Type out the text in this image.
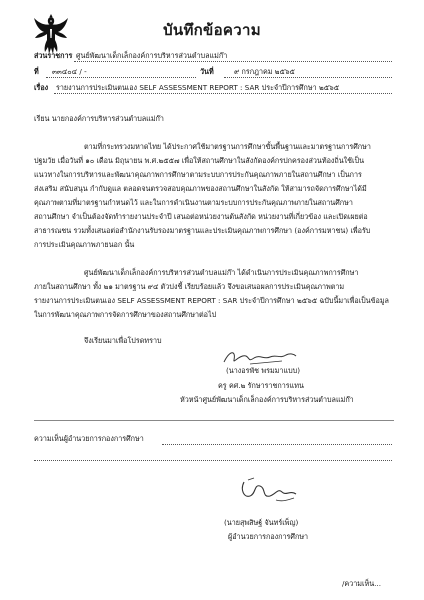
บันทึกข้อความ
ส่วนราชการ ศูนย์พัฒนาเด็กเล็กองค์การบริหารส่วนตำบลแม่ก๊า
ที่ ๓๓๔๐๔ / -	วันที่	๙ กรกฎาคม ๒๕๖๕
เรื่อง รายงานการประเมินตนเอง SELF ASSESSMENT REPORT : SAR ประจำปีการศึกษา ๒๕๖๕
เรียน นายกองค์การบริหารส่วนตำบลแม่ก๊า
ตามที่กระทรวงมหาดไทย ได้ประกาศใช้มาตรฐานการศึกษาขั้นพื้นฐานและมาตรฐานการศึกษา
ปฐมวัย เมื่อวันที่ ๑๐ เดือน มิถุนายน พ.ศ.๒๕๕๗ เพื่อให้สถานศึกษาในสังกัดองค์กรปกครองส่วนท้องถิ่นใช้เป็น
แนวทางในการบริหารและพัฒนาคุณภาพการศึกษาตามระบบการประกันคุณภาพภายในสถานศึกษา เป็นการ
ส่งเสริม สนับสนุน กำกับดูแล ตลอดจนตรวจสอบคุณภาพของสถานศึกษาในสังกัด ให้สามารถจัดการศึกษาได้มี
คุณภาพตามที่มาตรฐานกำหนดไว้ และในการดำเนินงานตามระบบการประกันคุณภาพภายในสถานศึกษา
สถานศึกษา จำเป็นต้องจัดทำรายงานประจำปี เสนอต่อหน่วยงานต้นสังกัด หน่วยงานที่เกี่ยวข้อง และเปิดเผยต่อ
สาธารณชน รวมทั้งเสนอต่อสำนักงานรับรองมาตรฐานและประเมินคุณภาพการศึกษา (องค์การมหาชน) เพื่อรับ
การประเมินคุณภาพภายนอก นั้น
ศูนย์พัฒนาเด็กเล็กองค์การบริหารส่วนตำบลแม่ก๊า ได้ดำเนินการประเมินคุณภาพการศึกษา
ภายในสถานศึกษา ทั้ง ๒๑ มาตรฐาน ๙๔ ตัวบ่งชี้ เรียบร้อยแล้ว จึงขอเสนอผลการประเมินคุณภาพตาม
รายงานการประเมินตนเอง SELF ASSESSMENT REPORT : SAR ประจำปีการศึกษา ๒๕๖๕ ฉบับนี้มาเพื่อเป็นข้อมูล
ในการพัฒนาคุณภาพการจัดการศึกษาของสถานศึกษาต่อไป
จึงเรียนมาเพื่อโปรดทราบ
(นางอรพัช พรมมาแบบ)
ครู คศ.๒ รักษาราชการแทน
หัวหน้าศูนย์พัฒนาเด็กเล็กองค์การบริหารส่วนตำบลแม่ก๊า
ความเห็นผู้อำนวยการกองการศึกษา
(นายสุพสิษฐ์ จันทร์เพ็ญ)
ผู้อำนวยการกองการศึกษา
/ความเห็น...
